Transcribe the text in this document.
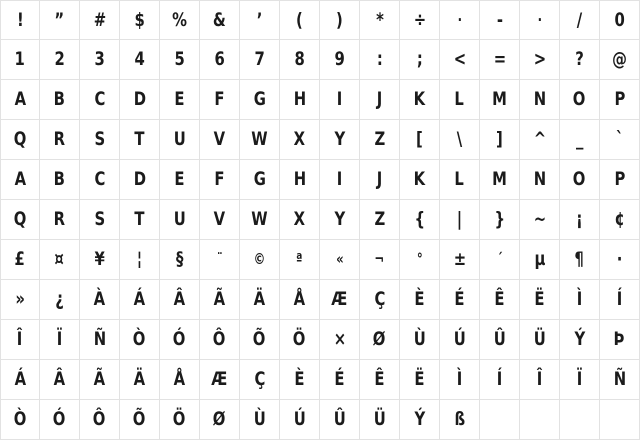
! ” # $ % & ’ ( ) * ÷ · - · / 0
1 2 3 4 5 6 7 8 9 : ; < = > ? @
A B C D E F G H I J K L M N O P
Q R S T U V W X Y Z [ \ ] ^ _ `
A B C D E F G H I J K L M N O P
Q R S T U V W X Y Z { | } ~ ¡ ¢
£ ¤ ¥ ¦ § ¨ © ª « ¬ ° ± ´ µ ¶ ·
» ¿ À Á Â Ã Ä Å Æ Ç È É Ê Ë Ì Í
Î Ï Ñ Ò Ó Ô Õ Ö × Ø Ù Ú Û Ü Ý Þ
Á Â Ã Ä Å Æ Ç È É Ê Ë Ì Í Î Ï Ñ
Ò Ó Ô Õ Ö Ø Ù Ú Û Ü Ý ß
